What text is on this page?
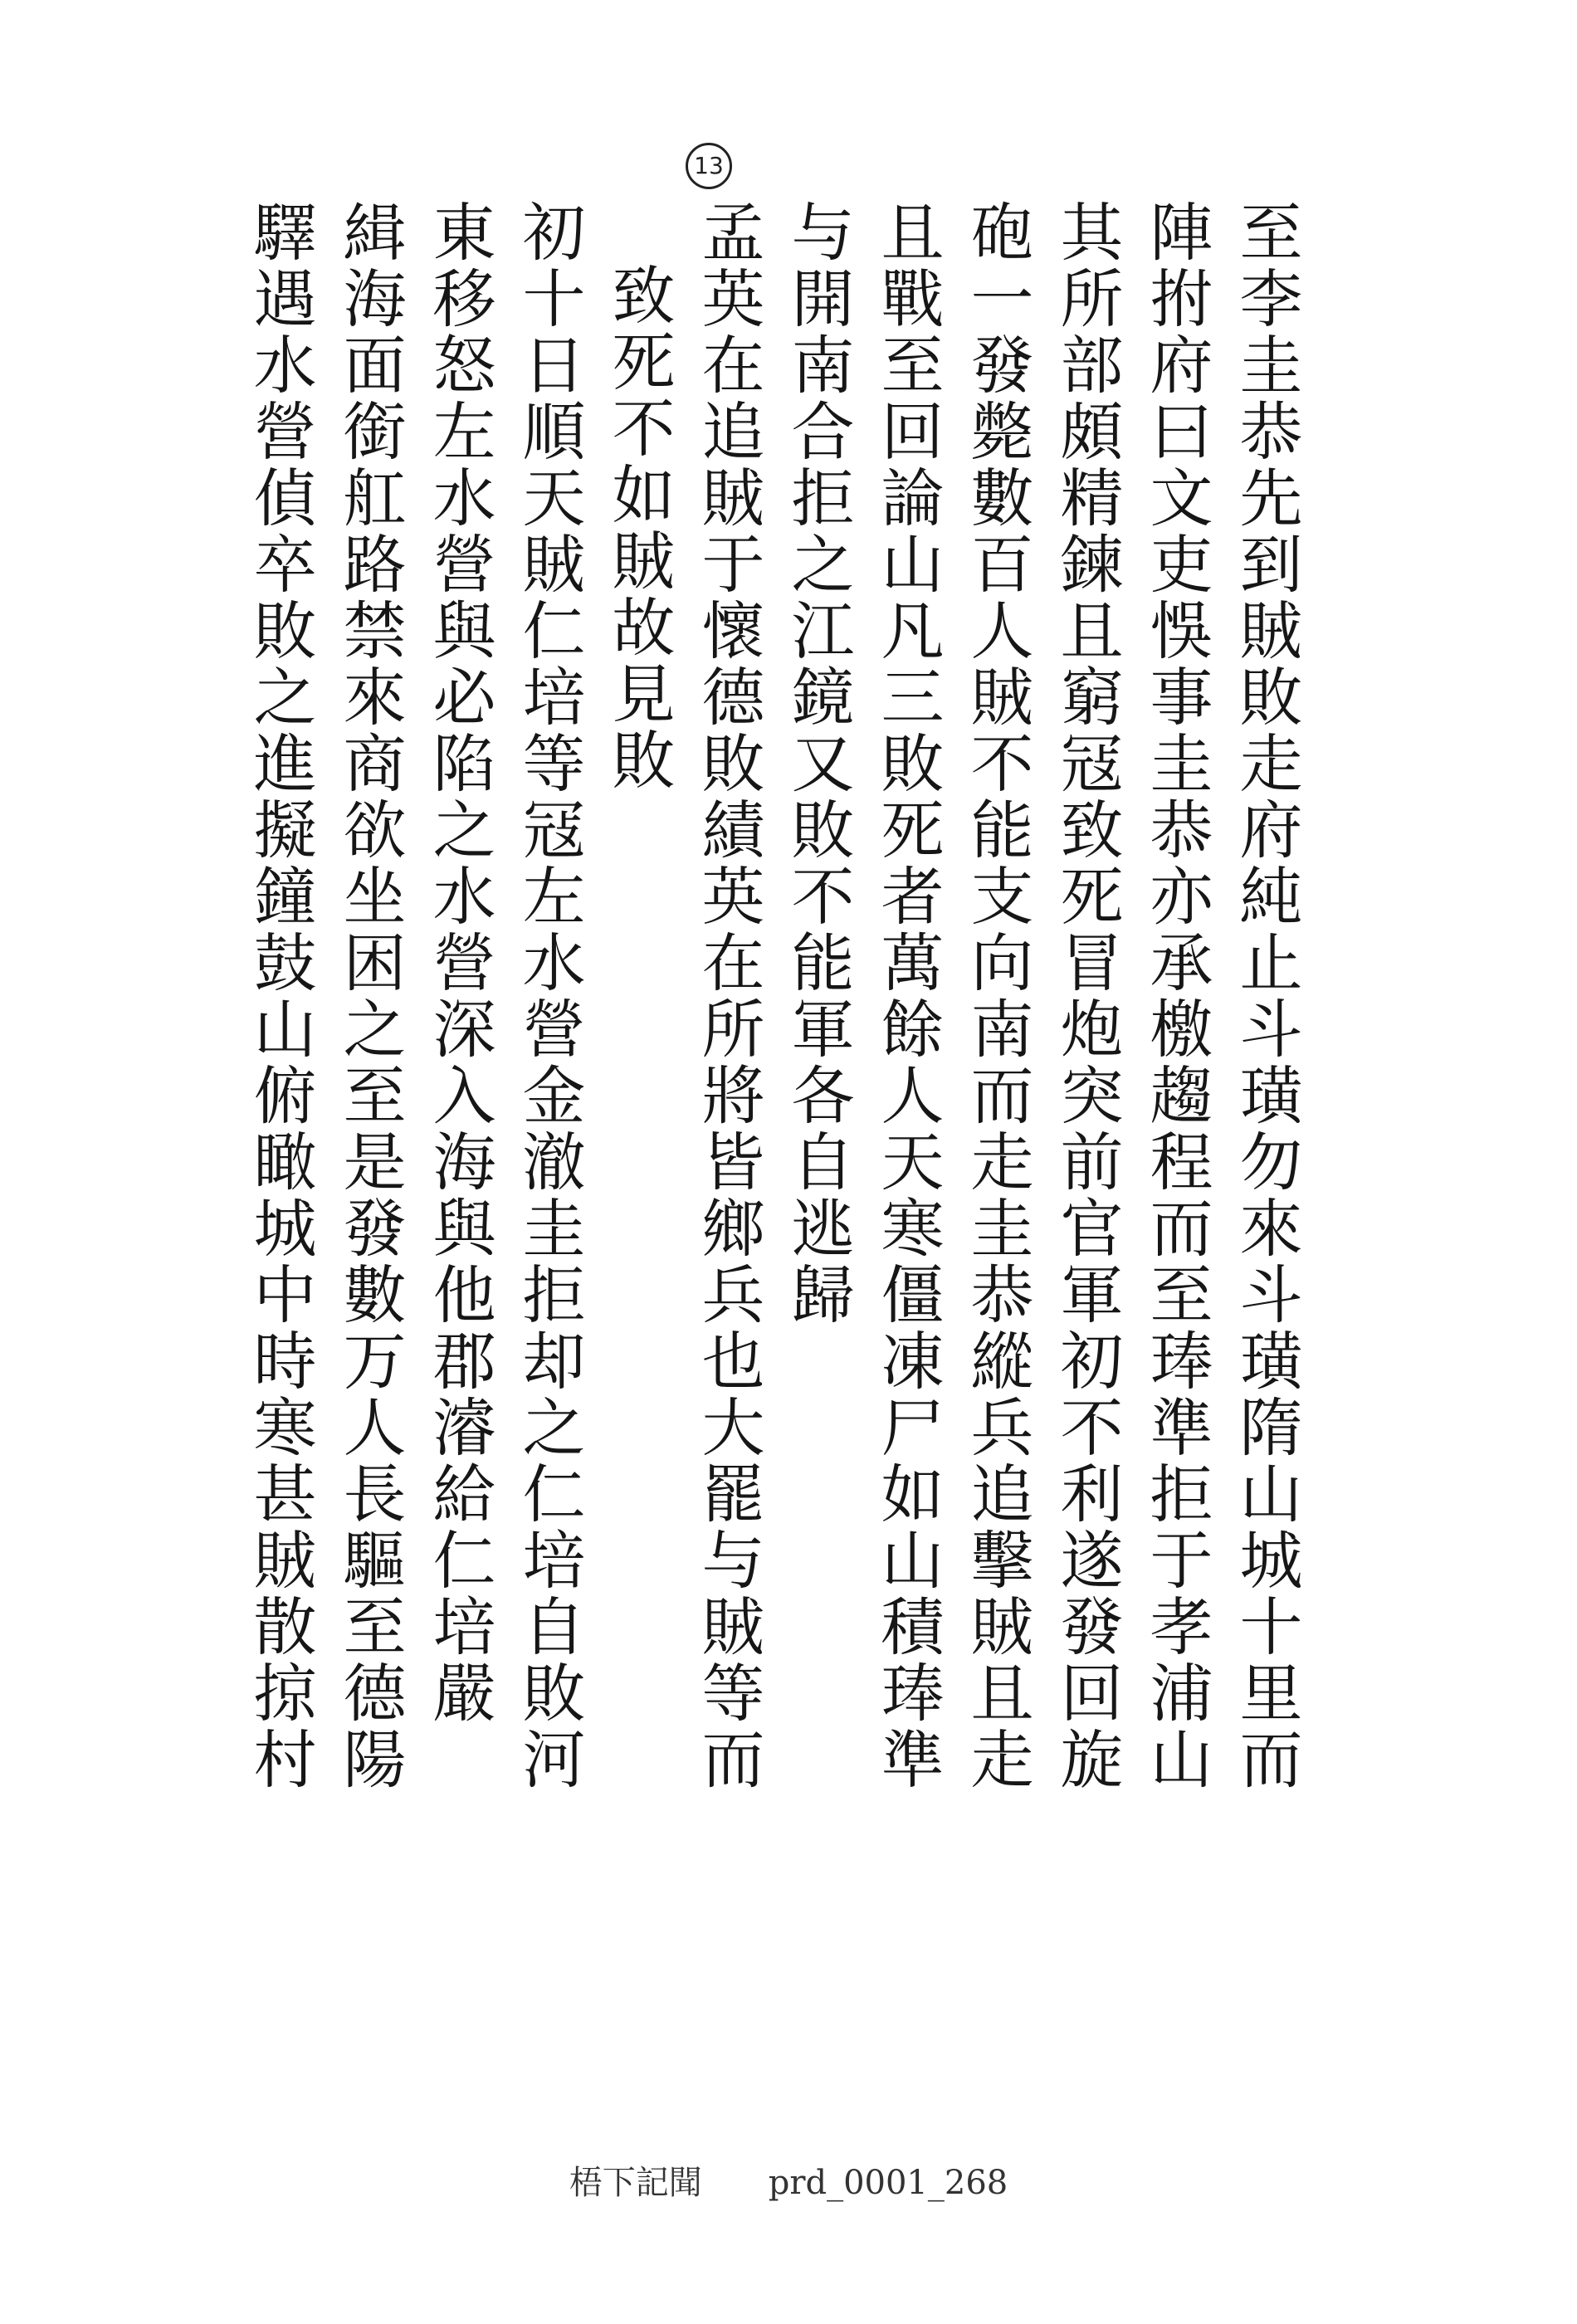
13
至李圭恭先到賊敗走府純止斗璜勿來斗璜隋山城十里而
陣拊府曰文吏悞事圭恭亦承檄趨程而至琫準拒于孝浦山
其所部頗精鍊且窮冦致死冒炮突前官軍初不利遂發回旋
砲一發斃數百人賊不能支向南而走圭恭縱兵追擊賊且走
且戰至回論山凡三敗死者萬餘人天寒僵凍尸如山積琫準
与開南合拒之江鏡又敗不能軍各自逃歸
孟英在追賊于懷德敗績英在所將皆鄉兵也大罷与賊等而
致死不如賊故見敗
初十日順天賊仁培等冦左水營金澈圭拒却之仁培自敗河
東移怒左水營與必陷之水營深入海與他郡濬給仁培嚴
緝海面銜舡路禁來商欲坐困之至是發數万人長驅至德陽
驛遇水營偵卒敗之進擬鐘鼓山俯瞰城中時寒甚賊散掠村
梧下記聞 prd_0001_268
